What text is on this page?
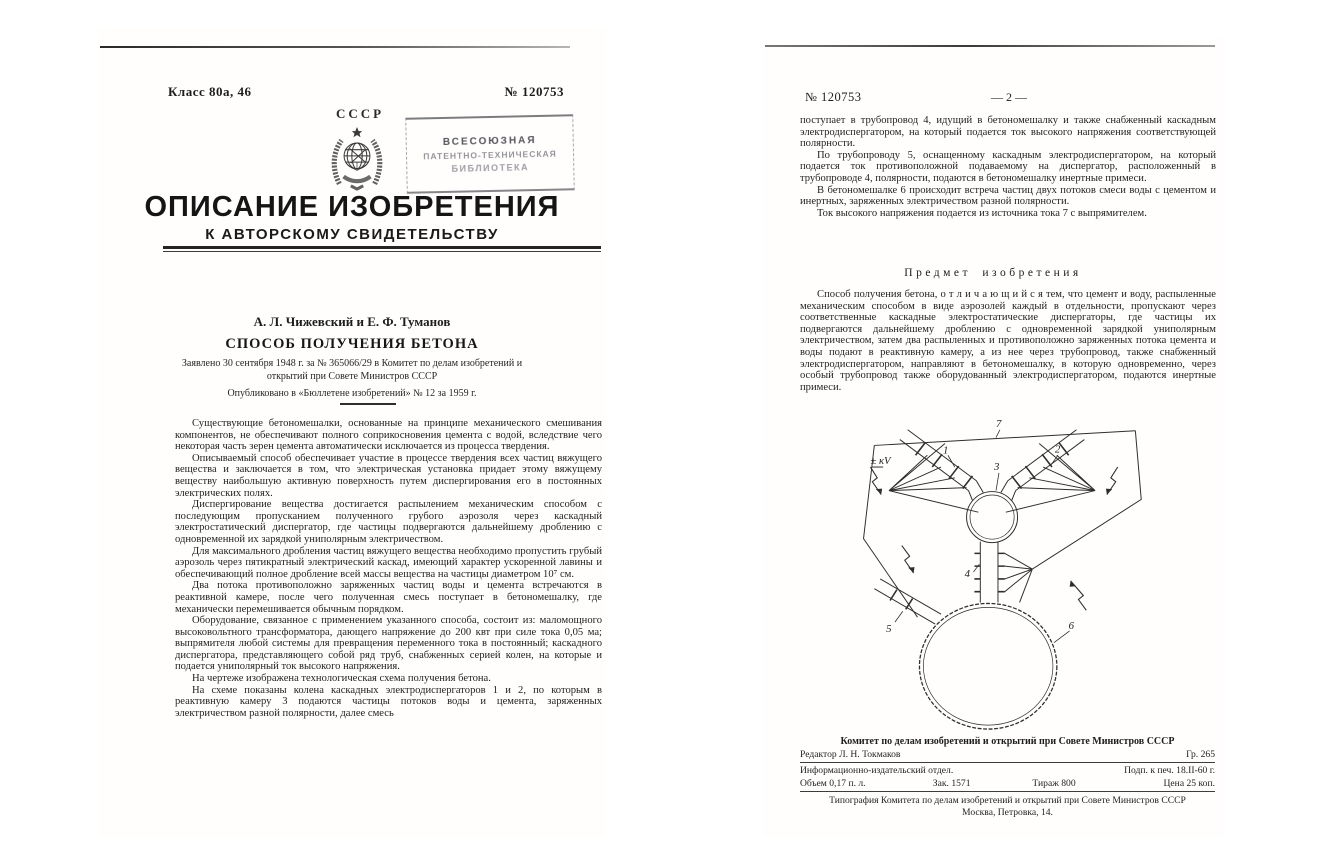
Класс 80а, 46	№ 120753
СССР
ВСЕСОЮЗНАЯ
ПАТЕНТНО-ТЕХНИЧЕСКАЯ
БИБЛИОТЕКА
ОПИСАНИЕ ИЗОБРЕТЕНИЯ
К АВТОРСКОМУ СВИДЕТЕЛЬСТВУ
А. Л. Чижевский и Е. Ф. Туманов
СПОСОБ ПОЛУЧЕНИЯ БЕТОНА
Заявлено 30 сентября 1948 г. за № 365066/29 в Комитет по делам изобретений и
открытий при Совете Министров СССР
Опубликовано в «Бюллетене изобретений» № 12 за 1959 г.

Существующие бетономешалки, основанные на принципе механического смешивания компонентов, не обеспечивают полного соприкосновения цемента с водой, вследствие чего некоторая часть зерен цемента автоматически исключается из процесса твердения.

Описываемый способ обеспечивает участие в процессе твердения всех частиц вяжущего вещества и заключается в том, что электрическая установка придает этому вяжущему веществу наибольшую активную поверхность путем диспергирования его в постоянных электрических полях.

Диспергирование вещества достигается распылением механическим способом с последующим пропусканием полученного грубого аэрозоля через каскадный электростатический диспергатор, где частицы подвергаются дальнейшему дроблению с одновременной их зарядкой униполярным электричеством.

Для максимального дробления частиц вяжущего вещества необходимо пропустить грубый аэрозоль через пятикратный электрический каскад, имеющий характер ускоренной лавины и обеспечивающий полное дробление всей массы вещества на частицы диаметром 10⁷ см.

Два потока противоположно заряженных частиц воды и цемента встречаются в реактивной камере, после чего полученная смесь поступает в бетономешалку, где механически перемешивается обычным порядком.

Оборудование, связанное с применением указанного способа, состоит из: маломощного высоковольтного трансформатора, дающего напряжение до 200 квт при силе тока 0,05 ма; выпрямителя любой системы для превращения переменного тока в постоянный; каскадного диспергатора, представляющего собой ряд труб, снабженных серией колен, на которые и подается униполярный ток высокого напряжения.

На чертеже изображена технологическая схема получения бетона.

На схеме показаны колена каскадных электродиспергаторов 1 и 2, по которым в реактивную камеру 3 подаются частицы потоков воды и цемента, заряженных электричеством разной полярности, далее смесь

№ 120753	— 2 —

поступает в трубопровод 4, идущий в бетономешалку и также снабженный каскадным электродиспергатором, на который подается ток высокого напряжения соответствующей полярности.

По трубопроводу 5, оснащенному каскадным электродиспергатором, на который подается ток противоположной подаваемому на диспергатор, расположенный в трубопроводе 4, полярности, подаются в бетономешалку инертные примеси.

В бетономешалке 6 происходит встреча частиц двух потоков смеси воды с цементом и инертных, заряженных электричеством разной полярности.

Ток высокого напряжения подается из источника тока 7 с выпрямителем.

Предмет изобретения

Способ получения бетона, о т л и ч а ю щ и й с я тем, что цемент и воду, распыленные механическим способом в виде аэрозолей каждый в отдельности, пропускают через соответственные каскадные электростатические диспергаторы, где частицы их подвергаются дальнейшему дроблению с одновременной зарядкой униполярным электричеством, затем два распыленных и противоположно заряженных потока цемента и воды подают в реактивную камеру, а из нее через трубопровод, также снабженный электродиспергатором, направляют в бетономешалку, в которую одновременно, через особый трубопровод также оборудованный электродиспергатором, подаются инертные примеси.

± кV
7
1	2
3
4
5	6
Комитет по делам изобретений и открытий при Совете Министров СССР
Редактор Л. Н. Токмаков	Гр. 265
Информационно-издательский отдел.	Подп. к печ. 18.II-60 г.
Объем 0,17 п. л.	Зак. 1571	Тираж 800	Цена 25 коп.
Типография Комитета по делам изобретений и открытий при Совете Министров СССР
Москва, Петровка, 14.
